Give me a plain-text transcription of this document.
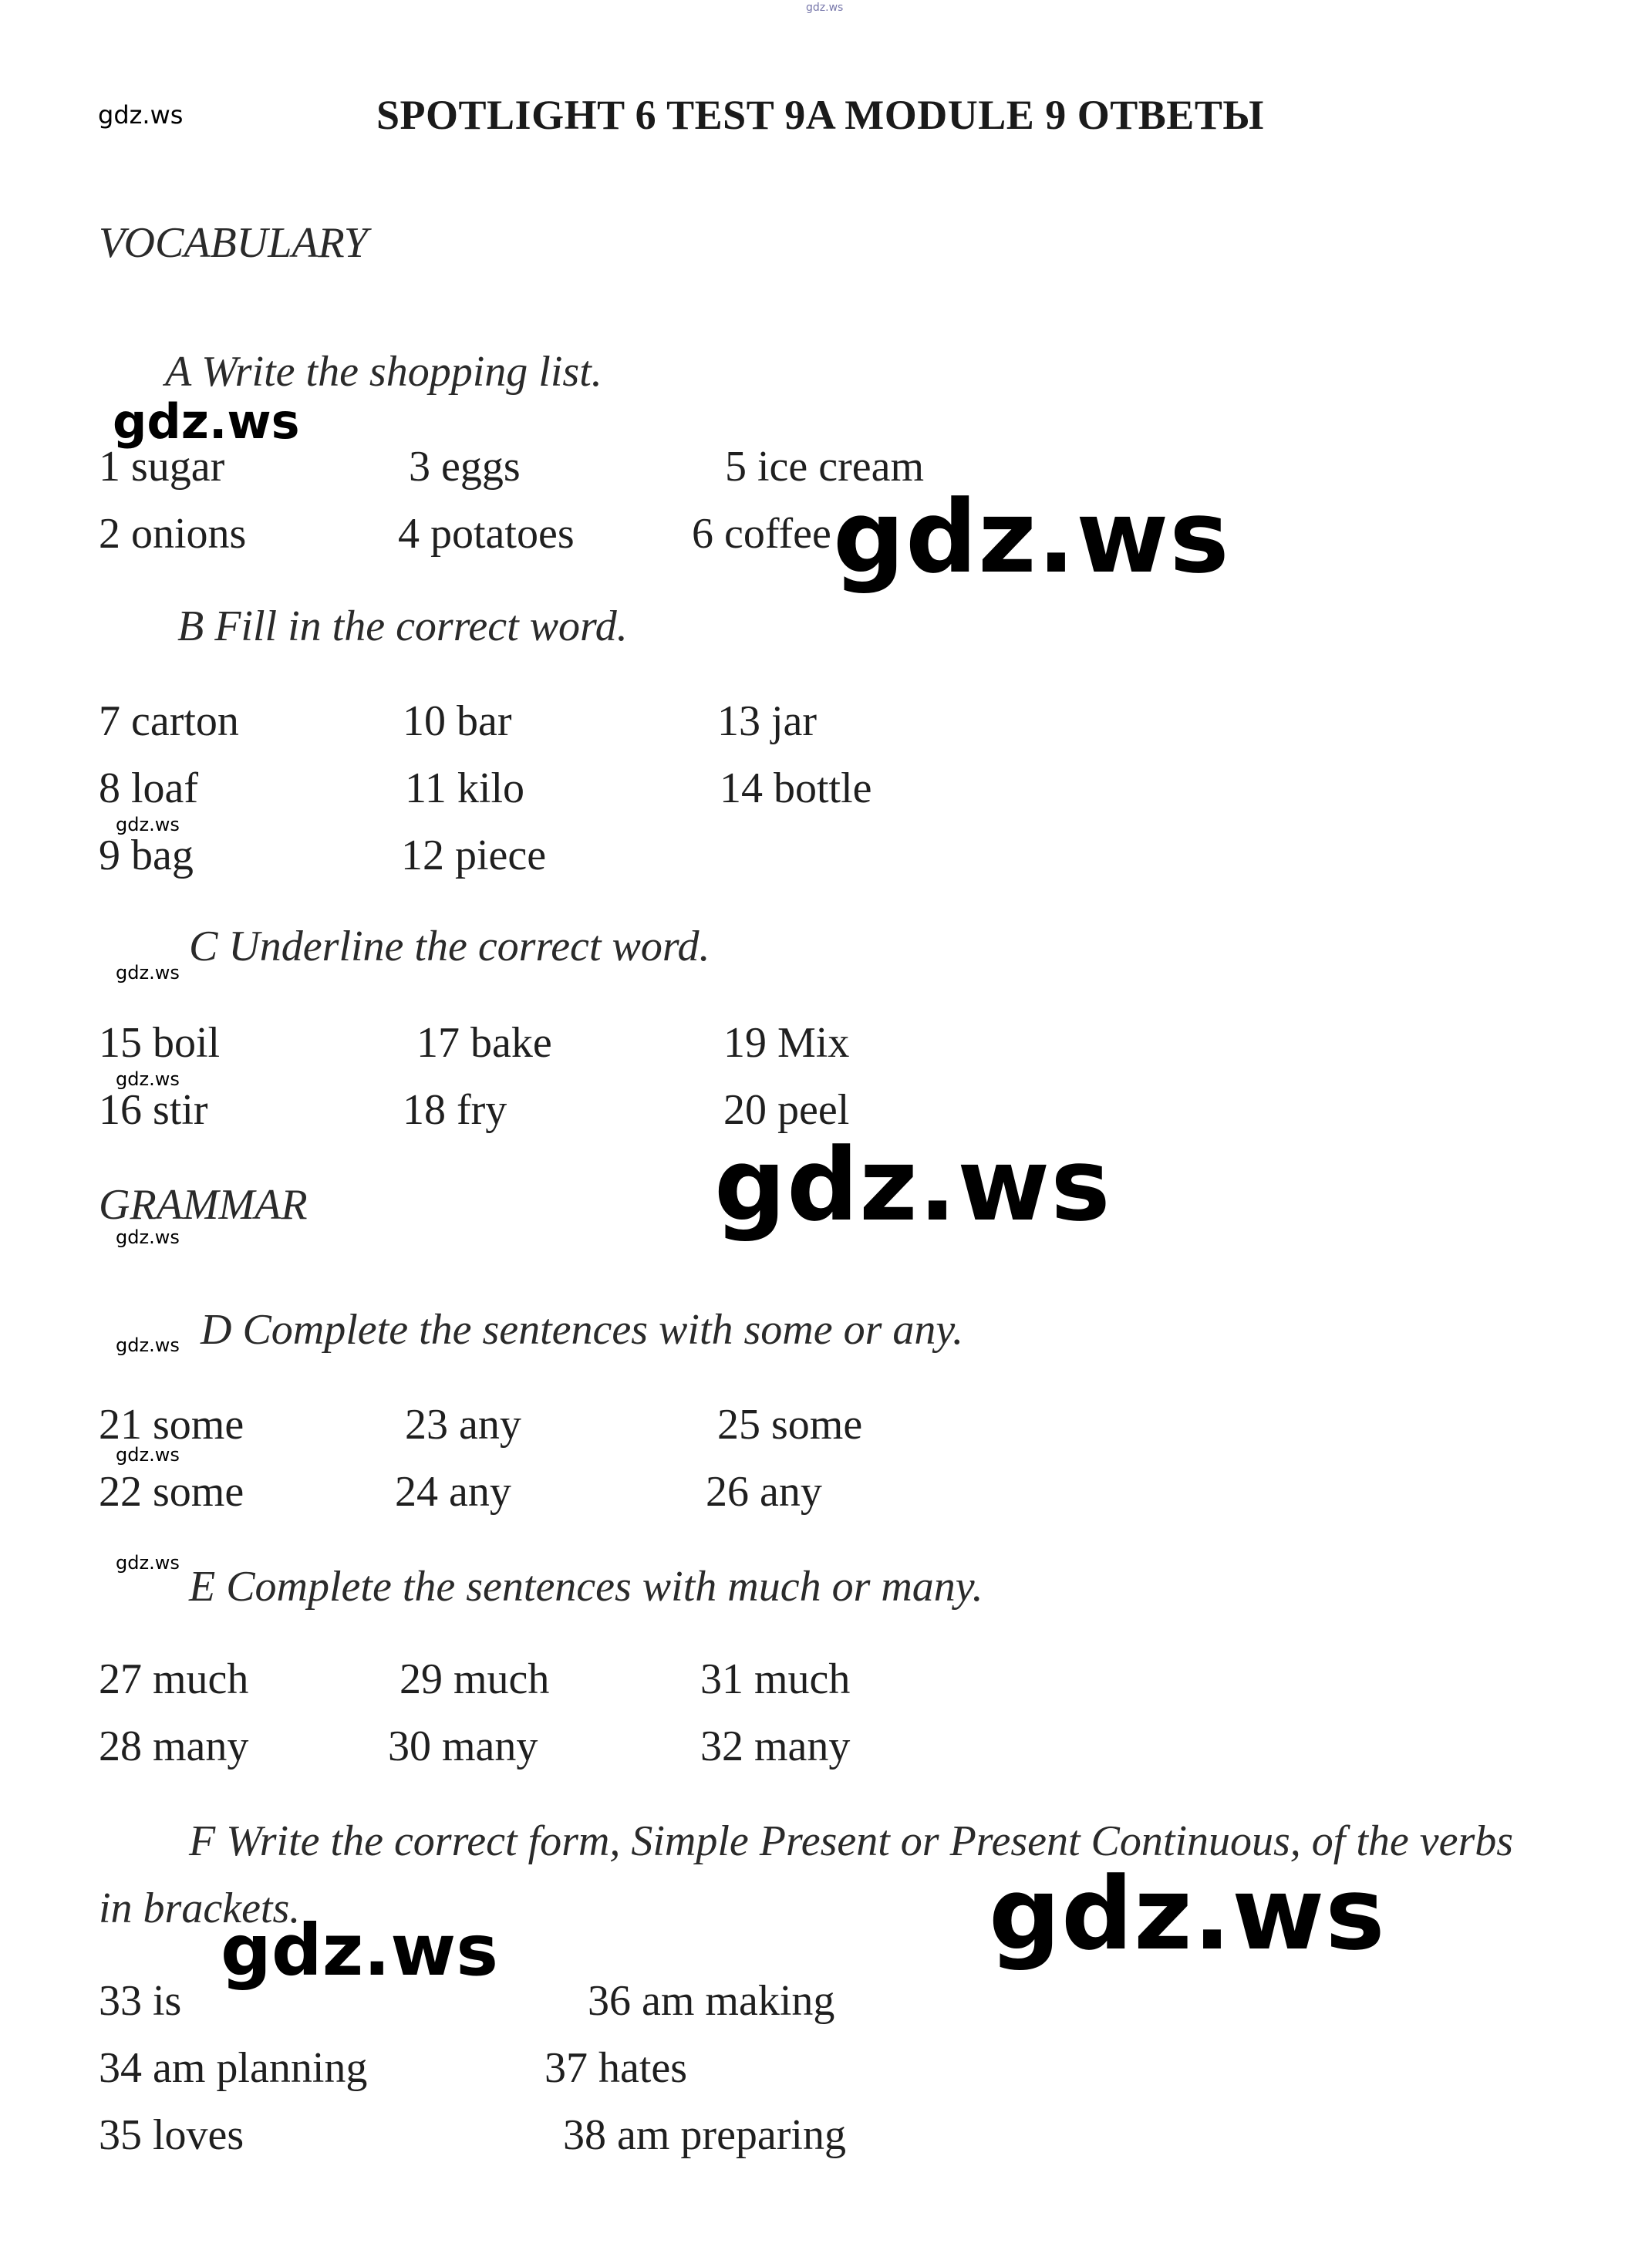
gdz.ws
gdz.ws	SPOTLIGHT 6 TEST 9A MODULE 9 ОТВЕТЫ
VOCABULARY
A Write the shopping list.
1 sugar	3 eggs	5 ice cream
2 onions	4 potatoes	6 coffee
B Fill in the correct word.
7 carton	10 bar	13 jar
8 loaf	11 kilo	14 bottle
9 bag	12 piece
C Underline the correct word.
15 boil	17 bake	19 Mix
16 stir	18 fry	20 peel
GRAMMAR
D Complete the sentences with some or any.
21 some	23 any	25 some
22 some	24 any	26 any
E Complete the sentences with much or many.
27 much	29 much	31 much
28 many	30 many	32 many
F Write the correct form, Simple Present or Present Continuous, of the verbs
in brackets.
33 is	36 am making
34 am planning	37 hates
35 loves	38 am preparing
gdz.ws
gdz.ws
gdz.ws
gdz.ws
gdz.ws
gdz.ws
gdz.ws
gdz.ws
gdz.ws
gdz.ws
gdz.ws
gdz.ws
